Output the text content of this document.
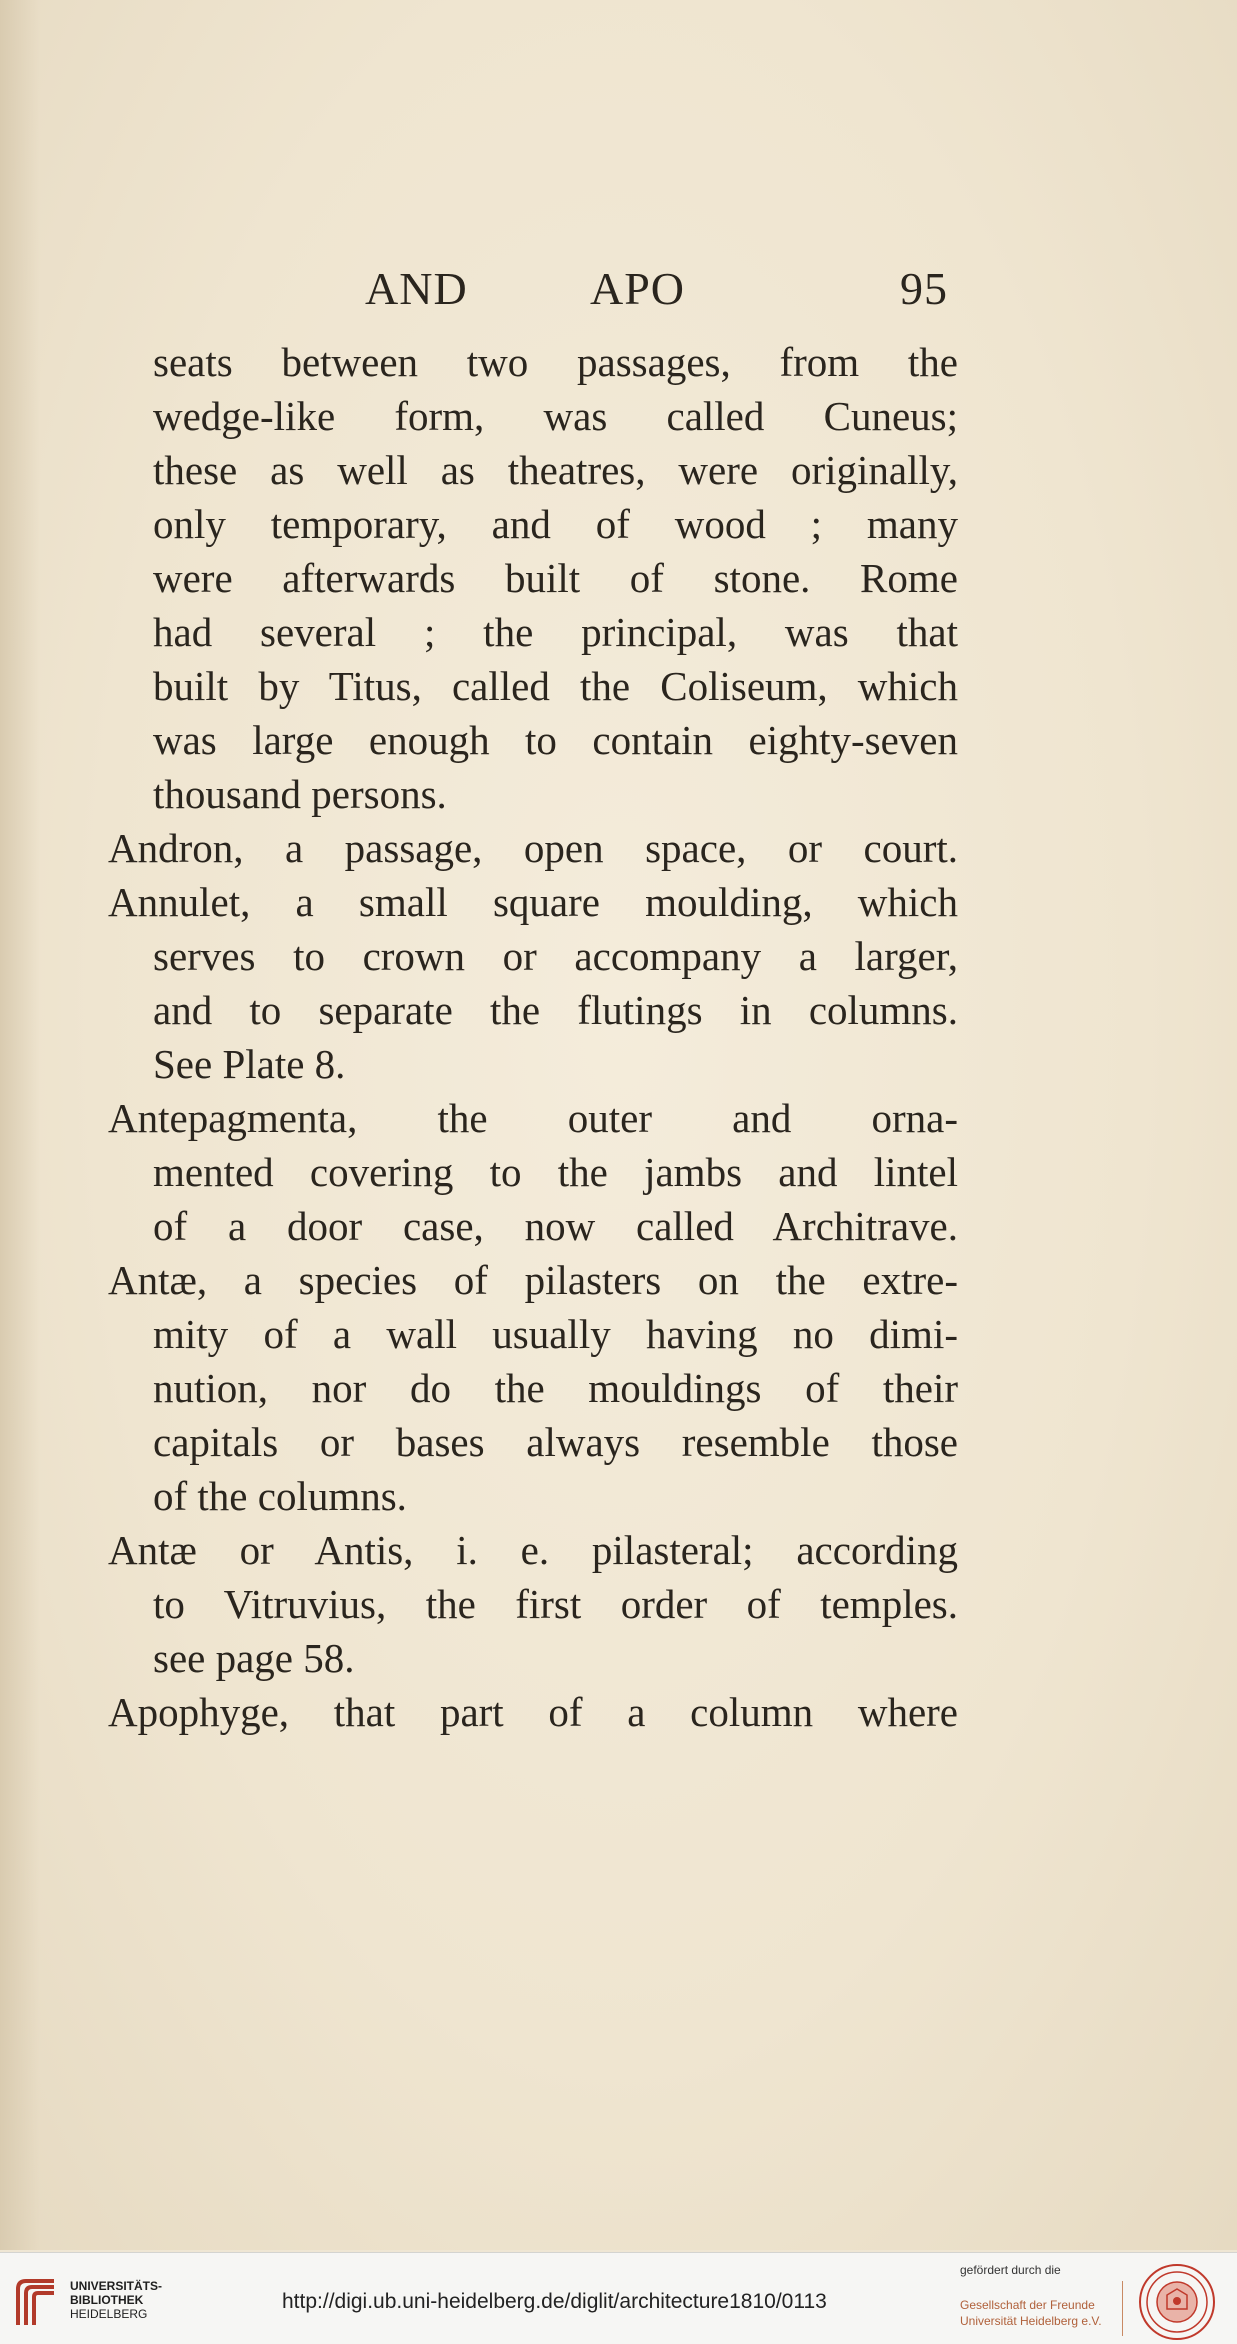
AND	APO	95
seats between two passages, from the
wedge-like form, was called Cuneus;
these as well as theatres, were originally,
only temporary, and of wood ; many
were afterwards built of stone. Rome
had several ; the principal, was that
built by Titus, called the Coliseum, which
was large enough to contain eighty-seven
thousand persons.
Andron, a passage, open space, or court.
Annulet, a small square moulding, which
serves to crown or accompany a larger,
and to separate the flutings in columns.
See Plate 8.
Antepagmenta, the outer and orna-
mented covering to the jambs and lintel
of a door case, now called Architrave.
Antæ, a species of pilasters on the extre-
mity of a wall usually having no dimi-
nution, nor do the mouldings of their
capitals or bases always resemble those
of the columns.
Antæ or Antis, i. e. pilasteral; according
to Vitruvius, the first order of temples.
see page 58.
Apophyge, that part of a column where
UNIVERSITÄTS-
BIBLIOTHEK
HEIDELBERG
http://digi.ub.uni-heidelberg.de/diglit/architecture1810/0113
gefördert durch die
Gesellschaft der Freunde
Universität Heidelberg e.V.
